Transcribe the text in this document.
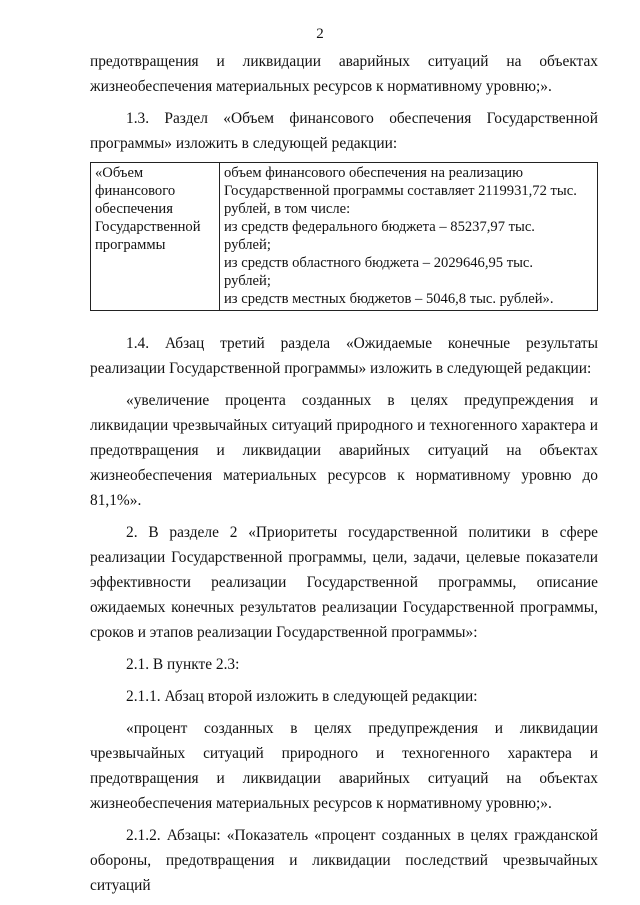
2

предотвращения и ликвидации аварийных ситуаций на объектах жизнеобеспечения материальных ресурсов к нормативному уровню;».

1.3. Раздел «Объем финансового обеспечения Государственной программы» изложить в следующей редакции:

«Объем
финансового
обеспечения
Государственной
программы

объем финансового обеспечения на реализацию
Государственной программы составляет 2119931,72 тыс.
рублей, в том числе:
из средств федерального бюджета – 85237,97 тыс.
рублей;
из средств областного бюджета – 2029646,95 тыс.
рублей;
из средств местных бюджетов – 5046,8 тыс. рублей».

1.4. Абзац третий раздела «Ожидаемые конечные результаты реализации Государственной программы» изложить в следующей редакции:

«увеличение процента созданных в целях предупреждения и ликвидации чрезвычайных ситуаций природного и техногенного характера и предотвращения и ликвидации аварийных ситуаций на объектах жизнеобеспечения материальных ресурсов к нормативному уровню до 81,1%».

2. В разделе 2 «Приоритеты государственной политики в сфере реализации Государственной программы, цели, задачи, целевые показатели эффективности реализации Государственной программы, описание ожидаемых конечных результатов реализации Государственной программы, сроков и этапов реализации Государственной программы»:

2.1. В пункте 2.3:

2.1.1. Абзац второй изложить в следующей редакции:

«процент созданных в целях предупреждения и ликвидации чрезвычайных ситуаций природного и техногенного характера и предотвращения и ликвидации аварийных ситуаций на объектах жизнеобеспечения материальных ресурсов к нормативному уровню;».

2.1.2. Абзацы: «Показатель «процент созданных в целях гражданской обороны, предотвращения и ликвидации последствий чрезвычайных ситуаций
